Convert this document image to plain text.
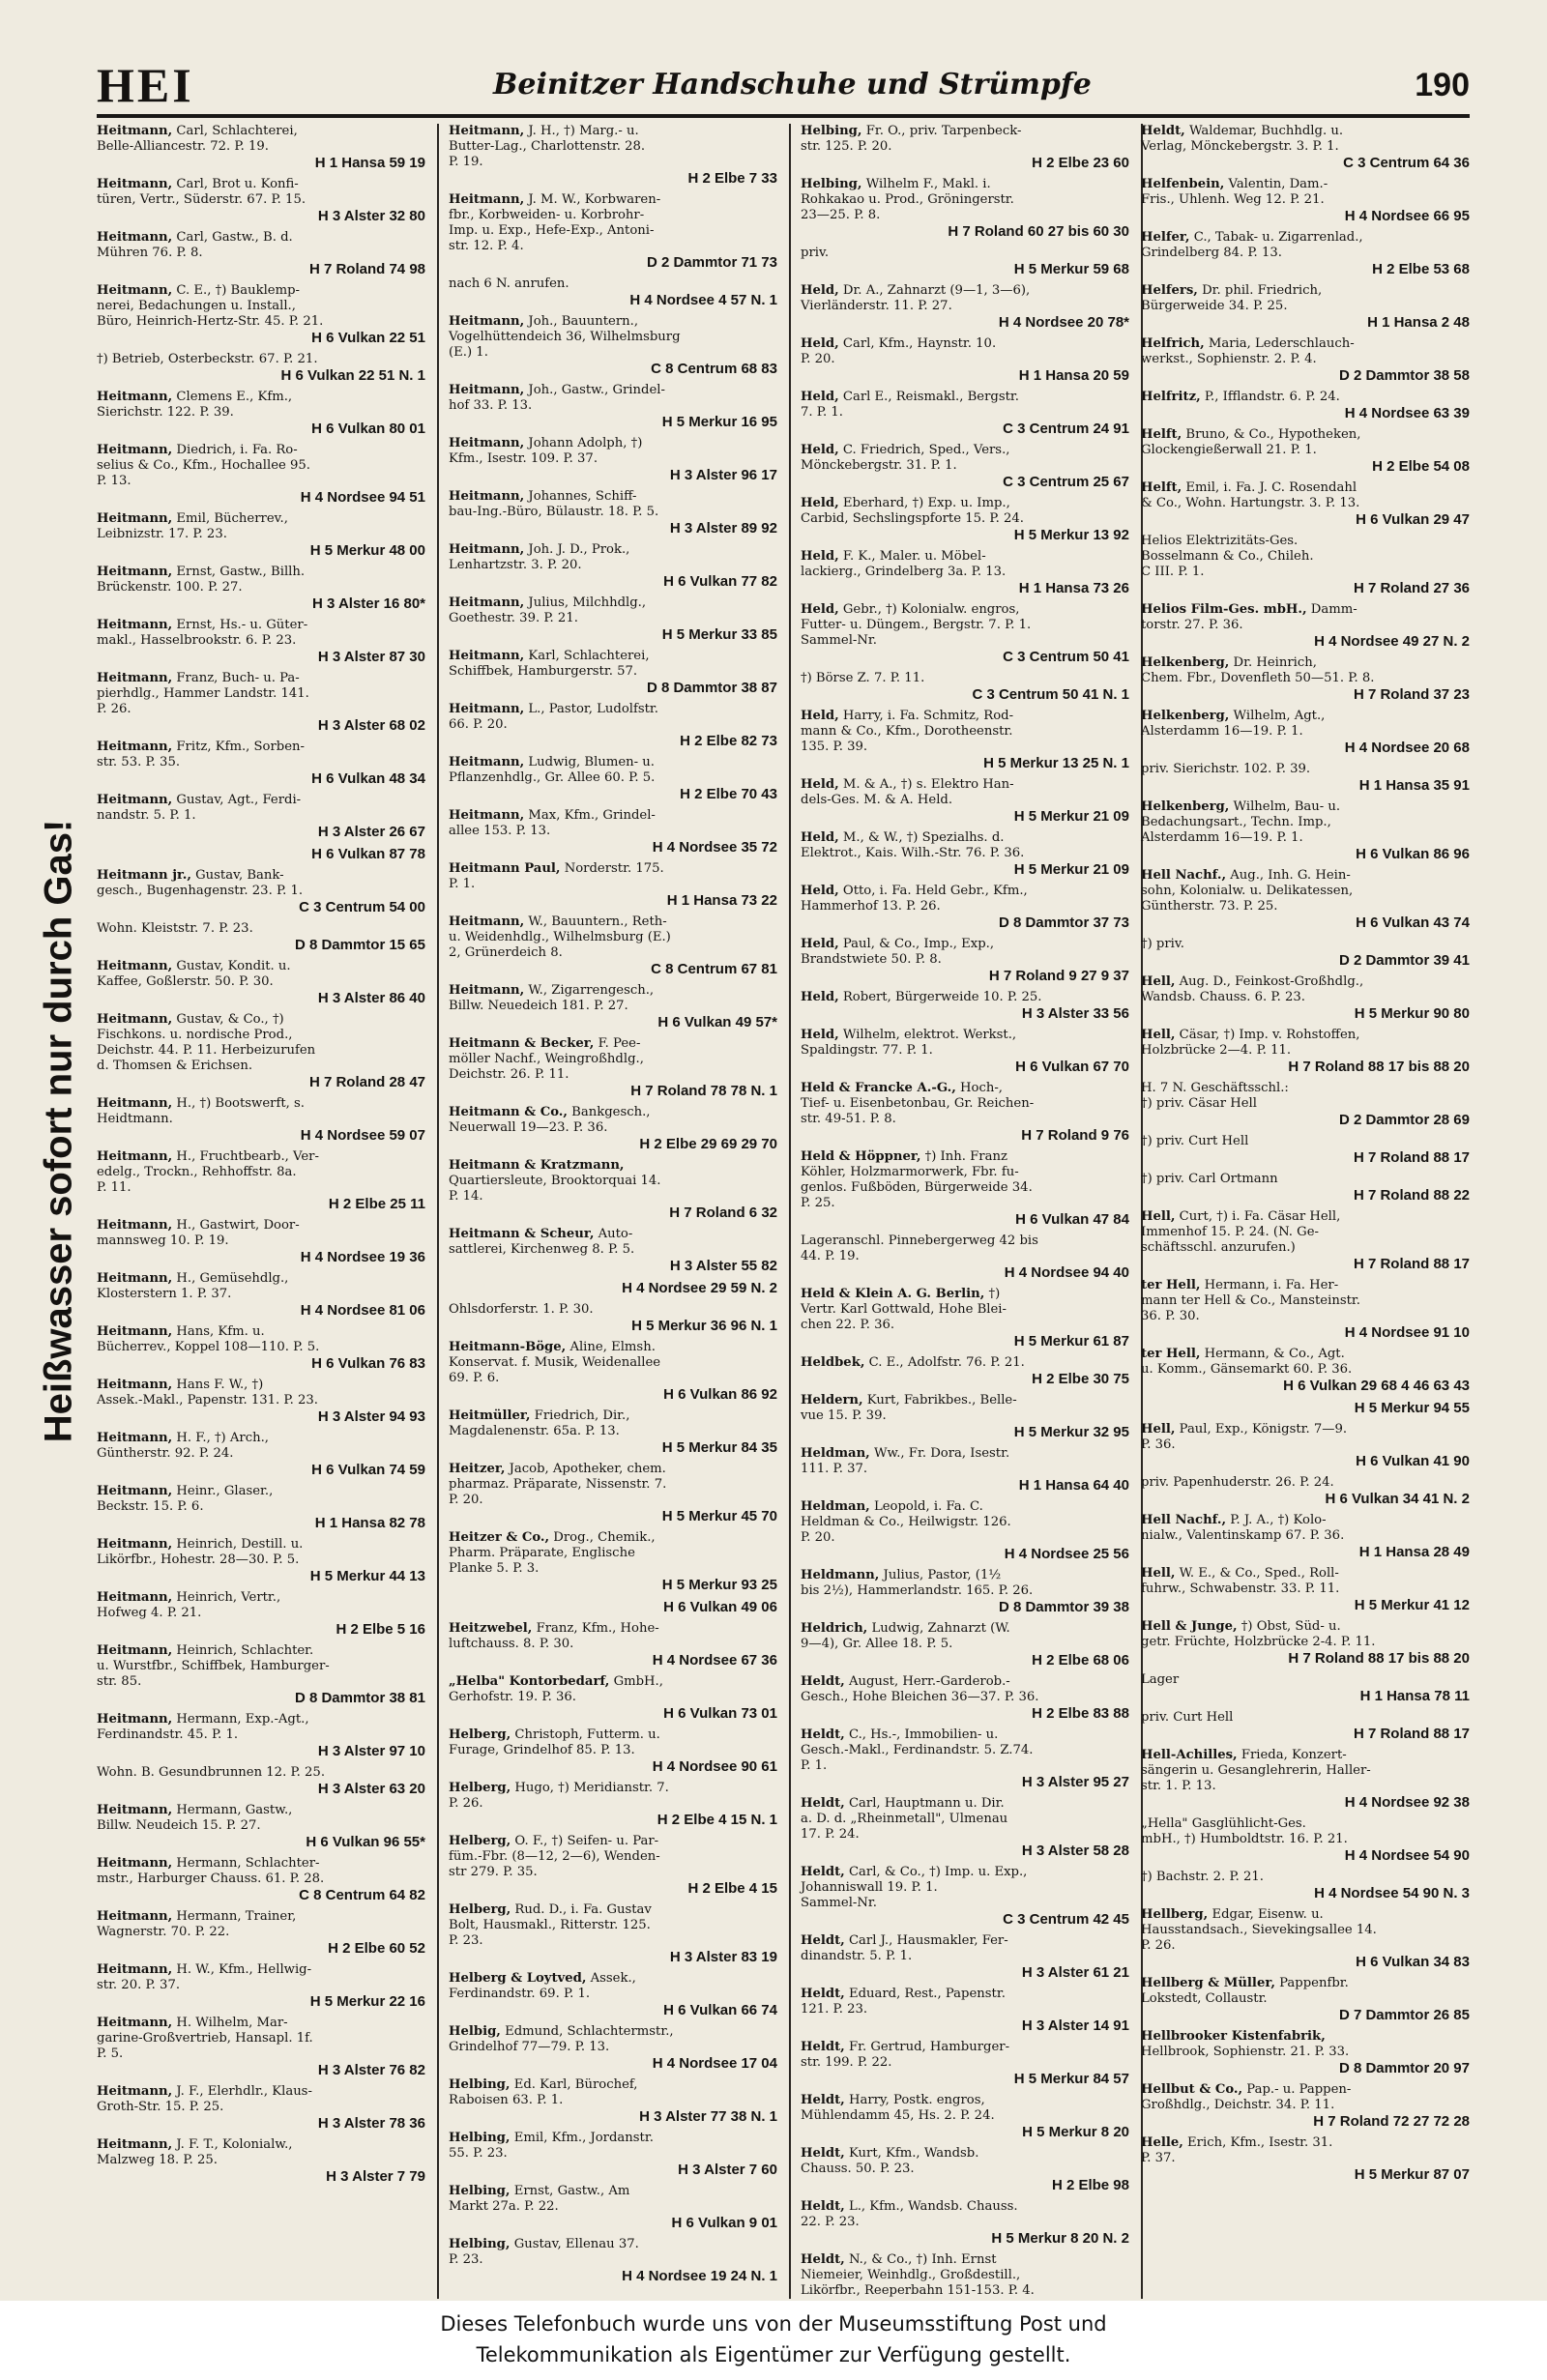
HEI	Beinitzer Handschuhe und Strümpfe	190
Heißwasser sofort nur durch Gas!
Heitmann, Carl, Schlachterei,
Belle-Alliancestr. 72. P. 19.
H 1 Hansa 59 19
Heitmann, Carl, Brot u. Konfi-
türen, Vertr., Süderstr. 67. P. 15.
H 3 Alster 32 80
Heitmann, Carl, Gastw., B. d.
Mühren 76. P. 8.
H 7 Roland 74 98
Heitmann, C. E., †) Bauklemp-
nerei, Bedachungen u. Install.,
Büro, Heinrich-Hertz-Str. 45. P. 21.
H 6 Vulkan 22 51
†) Betrieb, Osterbeckstr. 67. P. 21.
H 6 Vulkan 22 51 N. 1
Heitmann, Clemens E., Kfm.,
Sierichstr. 122. P. 39.
H 6 Vulkan 80 01
Heitmann, Diedrich, i. Fa. Ro-
selius & Co., Kfm., Hochallee 95.
P. 13.
H 4 Nordsee 94 51
Heitmann, Emil, Bücherrev.,
Leibnizstr. 17. P. 23.
H 5 Merkur 48 00
Heitmann, Ernst, Gastw., Billh.
Brückenstr. 100. P. 27.
H 3 Alster 16 80*
Heitmann, Ernst, Hs.- u. Güter-
makl., Hasselbrookstr. 6. P. 23.
H 3 Alster 87 30
Heitmann, Franz, Buch- u. Pa-
pierhdlg., Hammer Landstr. 141.
P. 26.
H 3 Alster 68 02
Heitmann, Fritz, Kfm., Sorben-
str. 53. P. 35.
H 6 Vulkan 48 34
Heitmann, Gustav, Agt., Ferdi-
nandstr. 5. P. 1.
H 3 Alster 26 67
H 6 Vulkan 87 78
Heitmann jr., Gustav, Bank-
gesch., Bugenhagenstr. 23. P. 1.
C 3 Centrum 54 00
Wohn. Kleiststr. 7. P. 23.
D 8 Dammtor 15 65
Heitmann, Gustav, Kondit. u.
Kaffee, Goßlerstr. 50. P. 30.
H 3 Alster 86 40
Heitmann, Gustav, & Co., †)
Fischkons. u. nordische Prod.,
Deichstr. 44. P. 11. Herbeizurufen
d. Thomsen & Erichsen.
H 7 Roland 28 47
Heitmann, H., †) Bootswerft, s.
Heidtmann.
H 4 Nordsee 59 07
Heitmann, H., Fruchtbearb., Ver-
edelg., Trockn., Rehhoffstr. 8a.
P. 11.
H 2 Elbe 25 11
Heitmann, H., Gastwirt, Door-
mannsweg 10. P. 19.
H 4 Nordsee 19 36
Heitmann, H., Gemüsehdlg.,
Klosterstern 1. P. 37.
H 4 Nordsee 81 06
Heitmann, Hans, Kfm. u.
Bücherrev., Koppel 108—110. P. 5.
H 6 Vulkan 76 83
Heitmann, Hans F. W., †)
Assek.-Makl., Papenstr. 131. P. 23.
H 3 Alster 94 93
Heitmann, H. F., †) Arch.,
Güntherstr. 92. P. 24.
H 6 Vulkan 74 59
Heitmann, Heinr., Glaser.,
Beckstr. 15. P. 6.
H 1 Hansa 82 78
Heitmann, Heinrich, Destill. u.
Likörfbr., Hohestr. 28—30. P. 5.
H 5 Merkur 44 13
Heitmann, Heinrich, Vertr.,
Hofweg 4. P. 21.
H 2 Elbe 5 16
Heitmann, Heinrich, Schlachter.
u. Wurstfbr., Schiffbek, Hamburger-
str. 85.
D 8 Dammtor 38 81
Heitmann, Hermann, Exp.-Agt.,
Ferdinandstr. 45. P. 1.
H 3 Alster 97 10
Wohn. B. Gesundbrunnen 12. P. 25.
H 3 Alster 63 20
Heitmann, Hermann, Gastw.,
Billw. Neudeich 15. P. 27.
H 6 Vulkan 96 55*
Heitmann, Hermann, Schlachter-
mstr., Harburger Chauss. 61. P. 28.
C 8 Centrum 64 82
Heitmann, Hermann, Trainer,
Wagnerstr. 70. P. 22.
H 2 Elbe 60 52
Heitmann, H. W., Kfm., Hellwig-
str. 20. P. 37.
H 5 Merkur 22 16
Heitmann, H. Wilhelm, Mar-
garine-Großvertrieb, Hansapl. 1f.
P. 5.
H 3 Alster 76 82
Heitmann, J. F., Elerhdlr., Klaus-
Groth-Str. 15. P. 25.
H 3 Alster 78 36
Heitmann, J. F. T., Kolonialw.,
Malzweg 18. P. 25.
H 3 Alster 7 79
Heitmann, J. H., †) Marg.- u.
Butter-Lag., Charlottenstr. 28.
P. 19.
H 2 Elbe 7 33
Heitmann, J. M. W., Korbwaren-
fbr., Korbweiden- u. Korbrohr-
Imp. u. Exp., Hefe-Exp., Antoni-
str. 12. P. 4.
D 2 Dammtor 71 73
nach 6 N. anrufen.
H 4 Nordsee 4 57 N. 1
Heitmann, Joh., Bauuntern.,
Vogelhüttendeich 36, Wilhelmsburg
(E.) 1.
C 8 Centrum 68 83
Heitmann, Joh., Gastw., Grindel-
hof 33. P. 13.
H 5 Merkur 16 95
Heitmann, Johann Adolph, †)
Kfm., Isestr. 109. P. 37.
H 3 Alster 96 17
Heitmann, Johannes, Schiff-
bau-Ing.-Büro, Bülaustr. 18. P. 5.
H 3 Alster 89 92
Heitmann, Joh. J. D., Prok.,
Lenhartzstr. 3. P. 20.
H 6 Vulkan 77 82
Heitmann, Julius, Milchhdlg.,
Goethestr. 39. P. 21.
H 5 Merkur 33 85
Heitmann, Karl, Schlachterei,
Schiffbek, Hamburgerstr. 57.
D 8 Dammtor 38 87
Heitmann, L., Pastor, Ludolfstr.
66. P. 20.
H 2 Elbe 82 73
Heitmann, Ludwig, Blumen- u.
Pflanzenhdlg., Gr. Allee 60. P. 5.
H 2 Elbe 70 43
Heitmann, Max, Kfm., Grindel-
allee 153. P. 13.
H 4 Nordsee 35 72
Heitmann Paul, Norderstr. 175.
P. 1.
H 1 Hansa 73 22
Heitmann, W., Bauuntern., Reth-
u. Weidenhdlg., Wilhelmsburg (E.)
2, Grünerdeich 8.
C 8 Centrum 67 81
Heitmann, W., Zigarrengesch.,
Billw. Neuedeich 181. P. 27.
H 6 Vulkan 49 57*
Heitmann & Becker, F. Pee-
möller Nachf., Weingroßhdlg.,
Deichstr. 26. P. 11.
H 7 Roland 78 78 N. 1
Heitmann & Co., Bankgesch.,
Neuerwall 19—23. P. 36.
H 2 Elbe 29 69 29 70
Heitmann & Kratzmann,
Quartiersleute, Brooktorquai 14.
P. 14.
H 7 Roland 6 32
Heitmann & Scheur, Auto-
sattlerei, Kirchenweg 8. P. 5.
H 3 Alster 55 82
H 4 Nordsee 29 59 N. 2
Ohlsdorferstr. 1. P. 30.
H 5 Merkur 36 96 N. 1
Heitmann-Böge, Aline, Elmsh.
Konservat. f. Musik, Weidenallee
69. P. 6.
H 6 Vulkan 86 92
Heitmüller, Friedrich, Dir.,
Magdalenenstr. 65a. P. 13.
H 5 Merkur 84 35
Heitzer, Jacob, Apotheker, chem.
pharmaz. Präparate, Nissenstr. 7.
P. 20.
H 5 Merkur 45 70
Heitzer & Co., Drog., Chemik.,
Pharm. Präparate, Englische
Planke 5. P. 3.
H 5 Merkur 93 25
H 6 Vulkan 49 06
Heitzwebel, Franz, Kfm., Hohe-
luftchauss. 8. P. 30.
H 4 Nordsee 67 36
„Helba" Kontorbedarf, GmbH.,
Gerhofstr. 19. P. 36.
H 6 Vulkan 73 01
Helberg, Christoph, Futterm. u.
Furage, Grindelhof 85. P. 13.
H 4 Nordsee 90 61
Helberg, Hugo, †) Meridianstr. 7.
P. 26.
H 2 Elbe 4 15 N. 1
Helberg, O. F., †) Seifen- u. Par-
füm.-Fbr. (8—12, 2—6), Wenden-
str 279. P. 35.
H 2 Elbe 4 15
Helberg, Rud. D., i. Fa. Gustav
Bolt, Hausmakl., Ritterstr. 125.
P. 23.
H 3 Alster 83 19
Helberg & Loytved, Assek.,
Ferdinandstr. 69. P. 1.
H 6 Vulkan 66 74
Helbig, Edmund, Schlachtermstr.,
Grindelhof 77—79. P. 13.
H 4 Nordsee 17 04
Helbing, Ed. Karl, Bürochef,
Raboisen 63. P. 1.
H 3 Alster 77 38 N. 1
Helbing, Emil, Kfm., Jordanstr.
55. P. 23.
H 3 Alster 7 60
Helbing, Ernst, Gastw., Am
Markt 27a. P. 22.
H 6 Vulkan 9 01
Helbing, Gustav, Ellenau 37.
P. 23.
H 4 Nordsee 19 24 N. 1
Helbing, Fr. O., priv. Tarpenbeck-
str. 125. P. 20.
H 2 Elbe 23 60
Helbing, Wilhelm F., Makl. i.
Rohkakao u. Prod., Gröningerstr.
23—25. P. 8.
H 7 Roland 60 27 bis 60 30
priv.
H 5 Merkur 59 68
Held, Dr. A., Zahnarzt (9—1, 3—6),
Vierländerstr. 11. P. 27.
H 4 Nordsee 20 78*
Held, Carl, Kfm., Haynstr. 10.
P. 20.
H 1 Hansa 20 59
Held, Carl E., Reismakl., Bergstr.
7. P. 1.
C 3 Centrum 24 91
Held, C. Friedrich, Sped., Vers.,
Mönckebergstr. 31. P. 1.
C 3 Centrum 25 67
Held, Eberhard, †) Exp. u. Imp.,
Carbid, Sechslingspforte 15. P. 24.
H 5 Merkur 13 92
Held, F. K., Maler. u. Möbel-
lackierg., Grindelberg 3a. P. 13.
H 1 Hansa 73 26
Held, Gebr., †) Kolonialw. engros,
Futter- u. Düngem., Bergstr. 7. P. 1.
Sammel-Nr.
C 3 Centrum 50 41
†) Börse Z. 7. P. 11.
C 3 Centrum 50 41 N. 1
Held, Harry, i. Fa. Schmitz, Rod-
mann & Co., Kfm., Dorotheenstr.
135. P. 39.
H 5 Merkur 13 25 N. 1
Held, M. & A., †) s. Elektro Han-
dels-Ges. M. & A. Held.
H 5 Merkur 21 09
Held, M., & W., †) Spezialhs. d.
Elektrot., Kais. Wilh.-Str. 76. P. 36.
H 5 Merkur 21 09
Held, Otto, i. Fa. Held Gebr., Kfm.,
Hammerhof 13. P. 26.
D 8 Dammtor 37 73
Held, Paul, & Co., Imp., Exp.,
Brandstwiete 50. P. 8.
H 7 Roland 9 27 9 37
Held, Robert, Bürgerweide 10. P. 25.
H 3 Alster 33 56
Held, Wilhelm, elektrot. Werkst.,
Spaldingstr. 77. P. 1.
H 6 Vulkan 67 70
Held & Francke A.-G., Hoch-,
Tief- u. Eisenbetonbau, Gr. Reichen-
str. 49-51. P. 8.
H 7 Roland 9 76
Held & Höppner, †) Inh. Franz
Köhler, Holzmarmorwerk, Fbr. fu-
genlos. Fußböden, Bürgerweide 34.
P. 25.
H 6 Vulkan 47 84
Lageranschl. Pinnebergerweg 42 bis
44. P. 19.
H 4 Nordsee 94 40
Held & Klein A. G. Berlin, †)
Vertr. Karl Gottwald, Hohe Blei-
chen 22. P. 36.
H 5 Merkur 61 87
Heldbek, C. E., Adolfstr. 76. P. 21.
H 2 Elbe 30 75
Heldern, Kurt, Fabrikbes., Belle-
vue 15. P. 39.
H 5 Merkur 32 95
Heldman, Ww., Fr. Dora, Isestr.
111. P. 37.
H 1 Hansa 64 40
Heldman, Leopold, i. Fa. C.
Heldman & Co., Heilwigstr. 126.
P. 20.
H 4 Nordsee 25 56
Heldmann, Julius, Pastor, (1½
bis 2½), Hammerlandstr. 165. P. 26.
D 8 Dammtor 39 38
Heldrich, Ludwig, Zahnarzt (W.
9—4), Gr. Allee 18. P. 5.
H 2 Elbe 68 06
Heldt, August, Herr.-Garderob.-
Gesch., Hohe Bleichen 36—37. P. 36.
H 2 Elbe 83 88
Heldt, C., Hs.-, Immobilien- u.
Gesch.-Makl., Ferdinandstr. 5. Z.74.
P. 1.
H 3 Alster 95 27
Heldt, Carl, Hauptmann u. Dir.
a. D. d. „Rheinmetall", Ulmenau
17. P. 24.
H 3 Alster 58 28
Heldt, Carl, & Co., †) Imp. u. Exp.,
Johanniswall 19. P. 1.
Sammel-Nr.
C 3 Centrum 42 45
Heldt, Carl J., Hausmakler, Fer-
dinandstr. 5. P. 1.
H 3 Alster 61 21
Heldt, Eduard, Rest., Papenstr.
121. P. 23.
H 3 Alster 14 91
Heldt, Fr. Gertrud, Hamburger-
str. 199. P. 22.
H 5 Merkur 84 57
Heldt, Harry, Postk. engros,
Mühlendamm 45, Hs. 2. P. 24.
H 5 Merkur 8 20
Heldt, Kurt, Kfm., Wandsb.
Chauss. 50. P. 23.
H 2 Elbe 98
Heldt, L., Kfm., Wandsb. Chauss.
22. P. 23.
H 5 Merkur 8 20 N. 2
Heldt, N., & Co., †) Inh. Ernst
Niemeier, Weinhdlg., Großdestill.,
Likörfbr., Reeperbahn 151-153. P. 4.
Heldt, Waldemar, Buchhdlg. u.
Verlag, Mönckebergstr. 3. P. 1.
C 3 Centrum 64 36
Helfenbein, Valentin, Dam.-
Fris., Uhlenh. Weg 12. P. 21.
H 4 Nordsee 66 95
Helfer, C., Tabak- u. Zigarrenlad.,
Grindelberg 84. P. 13.
H 2 Elbe 53 68
Helfers, Dr. phil. Friedrich,
Bürgerweide 34. P. 25.
H 1 Hansa 2 48
Helfrich, Maria, Lederschlauch-
werkst., Sophienstr. 2. P. 4.
D 2 Dammtor 38 58
Helfritz, P., Ifflandstr. 6. P. 24.
H 4 Nordsee 63 39
Helft, Bruno, & Co., Hypotheken,
Glockengießerwall 21. P. 1.
H 2 Elbe 54 08
Helft, Emil, i. Fa. J. C. Rosendahl
& Co., Wohn. Hartungstr. 3. P. 13.
H 6 Vulkan 29 47
Helios Elektrizitäts-Ges.
Bosselmann & Co., Chileh.
C III. P. 1.
H 7 Roland 27 36
Helios Film-Ges. mbH., Damm-
torstr. 27. P. 36.
H 4 Nordsee 49 27 N. 2
Helkenberg, Dr. Heinrich,
Chem. Fbr., Dovenfleth 50—51. P. 8.
H 7 Roland 37 23
Helkenberg, Wilhelm, Agt.,
Alsterdamm 16—19. P. 1.
H 4 Nordsee 20 68
priv. Sierichstr. 102. P. 39.
H 1 Hansa 35 91
Helkenberg, Wilhelm, Bau- u.
Bedachungsart., Techn. Imp.,
Alsterdamm 16—19. P. 1.
H 6 Vulkan 86 96
Hell Nachf., Aug., Inh. G. Hein-
sohn, Kolonialw. u. Delikatessen,
Güntherstr. 73. P. 25.
H 6 Vulkan 43 74
†) priv.
D 2 Dammtor 39 41
Hell, Aug. D., Feinkost-Großhdlg.,
Wandsb. Chauss. 6. P. 23.
H 5 Merkur 90 80
Hell, Cäsar, †) Imp. v. Rohstoffen,
Holzbrücke 2—4. P. 11.
H 7 Roland 88 17 bis 88 20
H. 7 N. Geschäftsschl.:
†) priv. Cäsar Hell
D 2 Dammtor 28 69
†) priv. Curt Hell
H 7 Roland 88 17
†) priv. Carl Ortmann
H 7 Roland 88 22
Hell, Curt, †) i. Fa. Cäsar Hell,
Immenhof 15. P. 24. (N. Ge-
schäftsschl. anzurufen.)
H 7 Roland 88 17
ter Hell, Hermann, i. Fa. Her-
mann ter Hell & Co., Mansteinstr.
36. P. 30.
H 4 Nordsee 91 10
ter Hell, Hermann, & Co., Agt.
u. Komm., Gänsemarkt 60. P. 36.
H 6 Vulkan 29 68 4 46 63 43
H 5 Merkur 94 55
Hell, Paul, Exp., Königstr. 7—9.
P. 36.
H 6 Vulkan 41 90
priv. Papenhuderstr. 26. P. 24.
H 6 Vulkan 34 41 N. 2
Hell Nachf., P. J. A., †) Kolo-
nialw., Valentinskamp 67. P. 36.
H 1 Hansa 28 49
Hell, W. E., & Co., Sped., Roll-
fuhrw., Schwabenstr. 33. P. 11.
H 5 Merkur 41 12
Hell & Junge, †) Obst, Süd- u.
getr. Früchte, Holzbrücke 2-4. P. 11.
H 7 Roland 88 17 bis 88 20
Lager
H 1 Hansa 78 11
priv. Curt Hell
H 7 Roland 88 17
Hell-Achilles, Frieda, Konzert-
sängerin u. Gesanglehrerin, Haller-
str. 1. P. 13.
H 4 Nordsee 92 38
„Hella" Gasglühlicht-Ges.
mbH., †) Humboldtstr. 16. P. 21.
H 4 Nordsee 54 90
†) Bachstr. 2. P. 21.
H 4 Nordsee 54 90 N. 3
Hellberg, Edgar, Eisenw. u.
Hausstandsach., Sievekingsallee 14.
P. 26.
H 6 Vulkan 34 83
Hellberg & Müller, Pappenfbr.
Lokstedt, Collaustr.
D 7 Dammtor 26 85
Hellbrooker Kistenfabrik,
Hellbrook, Sophienstr. 21. P. 33.
D 8 Dammtor 20 97
Hellbut & Co., Pap.- u. Pappen-
Großhdlg., Deichstr. 34. P. 11.
H 7 Roland 72 27 72 28
Helle, Erich, Kfm., Isestr. 31.
P. 37.
H 5 Merkur 87 07
Dieses Telefonbuch wurde uns von der Museumsstiftung Post und
Telekommunikation als Eigentümer zur Verfügung gestellt.
